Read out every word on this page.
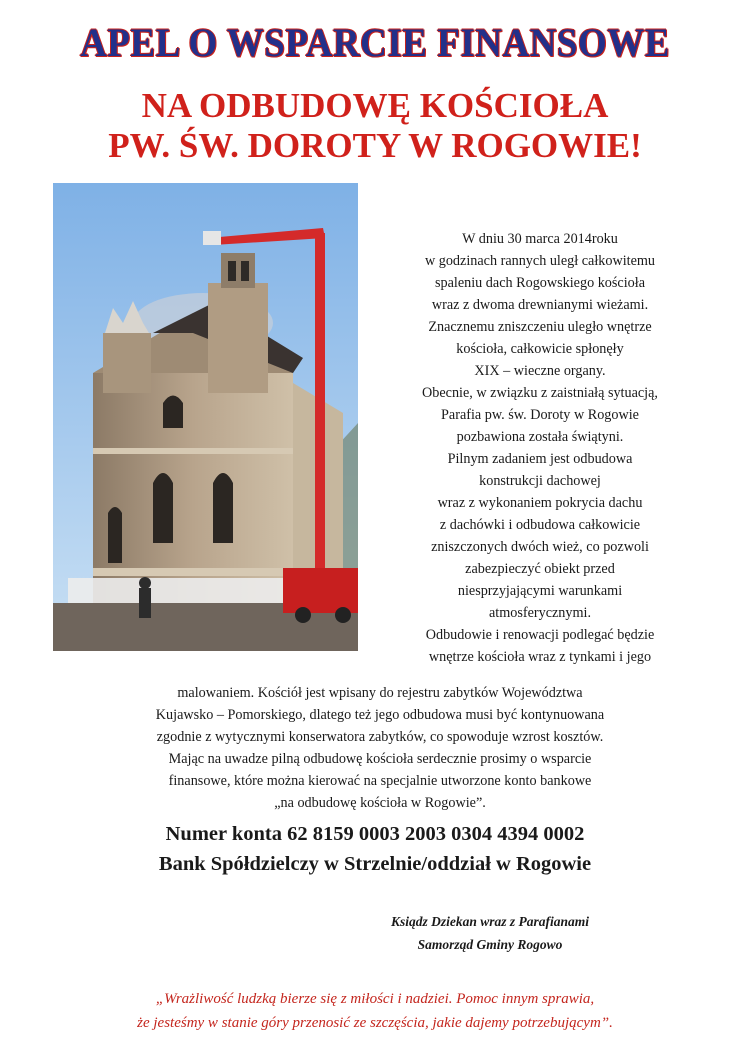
APEL O WSPARCIE FINANSOWE
NA ODBUDOWĘ KOŚCIOŁA
PW. ŚW. DOROTY W ROGOWIE!
W dniu 30 marca 2014roku
w godzinach rannych uległ całkowitemu
spaleniu dach Rogowskiego kościoła
wraz z dwoma drewnianymi wieżami.
Znacznemu zniszczeniu uległo wnętrze
kościoła, całkowicie spłonęły
XIX – wieczne organy.
Obecnie, w związku z zaistniałą sytuacją,
Parafia pw. św. Doroty w Rogowie
pozbawiona została świątyni.
Pilnym zadaniem jest odbudowa
konstrukcji dachowej
wraz z wykonaniem pokrycia dachu
z dachówki i odbudowa całkowicie
zniszczonych dwóch wież, co pozwoli
zabezpieczyć obiekt przed
niesprzyjającymi warunkami
atmosferycznymi.
Odbudowie i renowacji podlegać będzie
wnętrze kościoła wraz z tynkami i jego
malowaniem. Kościół jest wpisany do rejestru zabytków Województwa
Kujawsko – Pomorskiego, dlatego też jego odbudowa musi być kontynuowana
zgodnie z wytycznymi konserwatora zabytków, co spowoduje wzrost kosztów.
Mając na uwadze pilną odbudowę kościoła serdecznie prosimy o wsparcie
finansowe, które można kierować na specjalnie utworzone konto bankowe
„na odbudowę kościoła w Rogowie”.
Numer konta 62 8159 0003 2003 0304 4394 0002
Bank Spółdzielczy w Strzelnie/oddział w Rogowie
Ksiądz Dziekan wraz z Parafianami
Samorząd Gminy Rogowo
„Wrażliwość ludzką bierze się z miłości i nadziei. Pomoc innym sprawia,
że jesteśmy w stanie góry przenosić ze szczęścia, jakie dajemy potrzebującym”.
